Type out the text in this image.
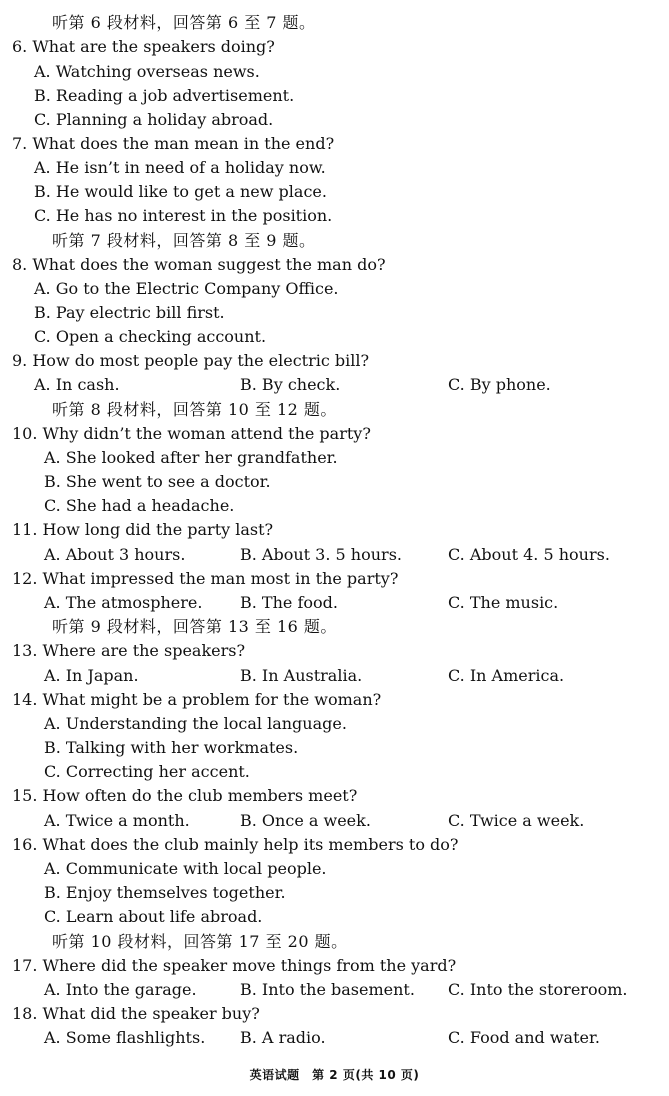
听第 6 段材料，回答第 6 至 7 题。
6. What are the speakers doing?
A. Watching overseas news.
B. Reading a job advertisement.
C. Planning a holiday abroad.
7. What does the man mean in the end?
A. He isn’t in need of a holiday now.
B. He would like to get a new place.
C. He has no interest in the position.
听第 7 段材料，回答第 8 至 9 题。
8. What does the woman suggest the man do?
A. Go to the Electric Company Office.
B. Pay electric bill first.
C. Open a checking account.
9. How do most people pay the electric bill?
A. In cash.	B. By check.	C. By phone.
听第 8 段材料，回答第 10 至 12 题。
10. Why didn’t the woman attend the party?
A. She looked after her grandfather.
B. She went to see a doctor.
C. She had a headache.
11. How long did the party last?
A. About 3 hours.	B. About 3. 5 hours.	C. About 4. 5 hours.
12. What impressed the man most in the party?
A. The atmosphere. B. The food.	C. The music.
听第 9 段材料，回答第 13 至 16 题。
13. Where are the speakers?
A. In Japan.	B. In Australia.	C. In America.
14. What might be a problem for the woman?
A. Understanding the local language.
B. Talking with her workmates.
C. Correcting her accent.
15. How often do the club members meet?
A. Twice a month.	B. Once a week.	C. Twice a week.
16. What does the club mainly help its members to do?
A. Communicate with local people.
B. Enjoy themselves together.
C. Learn about life abroad.
听第 10 段材料，回答第 17 至 20 题。
17. Where did the speaker move things from the yard?
A. Into the garage.	B. Into the basement. C. Into the storeroom.
18. What did the speaker buy?
A. Some flashlights. B. A radio.	C. Food and water.
英语试题　第 2 页(共 10 页)
